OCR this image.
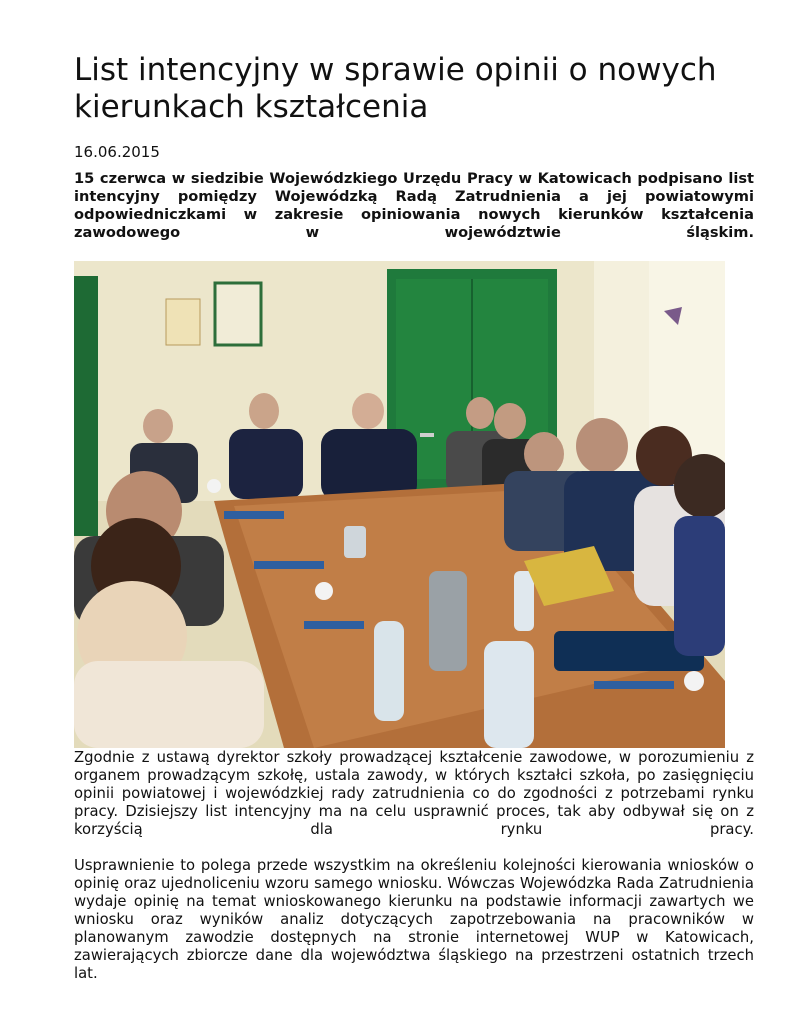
List intencyjny w sprawie opinii o nowych kierunkach kształcenia
16.06.2015

15 czerwca w siedzibie Wojewódzkiego Urzędu Pracy w Katowicach podpisano list intencyjny pomiędzy Wojewódzką Radą Zatrudnienia a jej powiatowymi odpowiedniczkami w zakresie opiniowania nowych kierunków kształcenia zawodowego w województwie śląskim.

Zgodnie z ustawą dyrektor szkoły prowadzącej kształcenie zawodowe, w porozumieniu z organem prowadzącym szkołę, ustala zawody, w których kształci szkoła, po zasięgnięciu opinii powiatowej i wojewódzkiej rady zatrudnienia co do zgodności z potrzebami rynku pracy. Dzisiejszy list intencyjny ma na celu usprawnić proces, tak aby odbywał się on z korzyścią dla rynku pracy.

Usprawnienie to polega przede wszystkim na określeniu kolejności kierowania wniosków o opinię oraz ujednoliceniu wzoru samego wniosku. Wówczas Wojewódzka Rada Zatrudnienia wydaje opinię na temat wnioskowanego kierunku na podstawie informacji zawartych we wniosku oraz wyników analiz dotyczących zapotrzebowania na pracowników w planowanym zawodzie dostępnych na stronie internetowej WUP w Katowicach, zawierających zbiorcze dane dla województwa śląskiego na przestrzeni ostatnich trzech lat.
